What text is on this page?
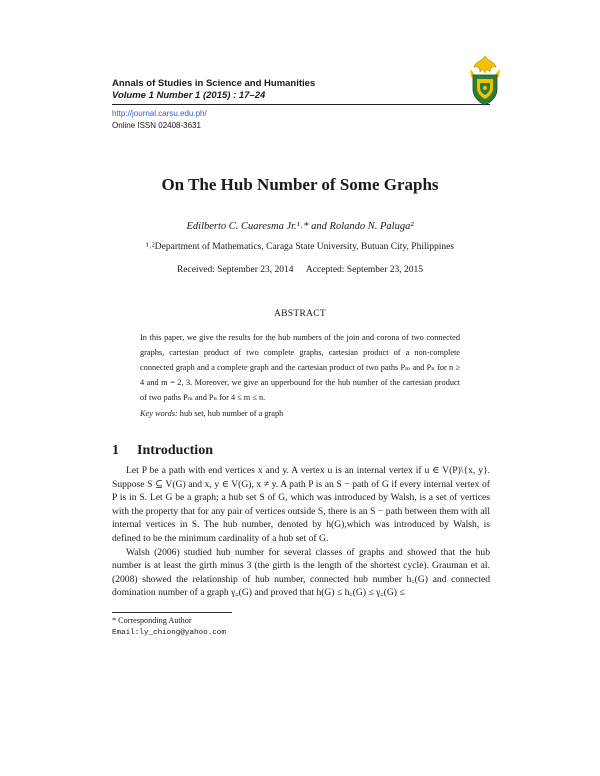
Annals of Studies in Science and Humanities
Volume 1 Number 1 (2015) : 17–24
http://journal.carsu.edu.ph/
Online ISSN 02408-3631
On The Hub Number of Some Graphs
Edilberto C. Cuaresma Jr.¹˒* and Rolando N. Paluga²
¹˒²Department of Mathematics, Caraga State University, Butuan City, Philippines
Received: September 23, 2014 Accepted: September 23, 2015
ABSTRACT
In this paper, we give the results for the hub numbers of the join and corona of two connected graphs, cartesian product of two complete graphs, cartesian product of a non-complete connected graph and a complete graph and the cartesian product of two paths Pₘ and Pₙ for n ≥ 4 and m = 2, 3. Moreover, we give an upperbound for the hub number of the cartesian product of two paths Pₘ and Pₙ for 4 ≤ m ≤ n.
Key words: hub set, hub number of a graph
1 Introduction

Let P be a path with end vertices x and y. A vertex u is an internal vertex if u ∈ V(P)\{x, y}. Suppose S ⊆ V(G) and x, y ∈ V(G), x ≠ y. A path P is an S − path of G if every internal vertex of P is in S. Let G be a graph; a hub set S of G, which was introduced by Walsh, is a set of vertices with the property that for any pair of vertices outside S, there is an S − path between them with all internal vertices in S. The hub number, denoted by h(G),which was introduced by Walsh, is defined to be the minimum cardinality of a hub set of G.

Walsh (2006) studied hub number for several classes of graphs and showed that the hub number is at least the girth minus 3 (the girth is the length of the shortest cycle). Grauman et al. (2008) showed the relationship of hub number, connected hub number h꜀(G) and connected domination number of a graph γ꜀(G) and proved that h(G) ≤ h꜀(G) ≤ γ꜀(G) ≤

* Corresponding Author
Email:ly_chiong@yahoo.com
